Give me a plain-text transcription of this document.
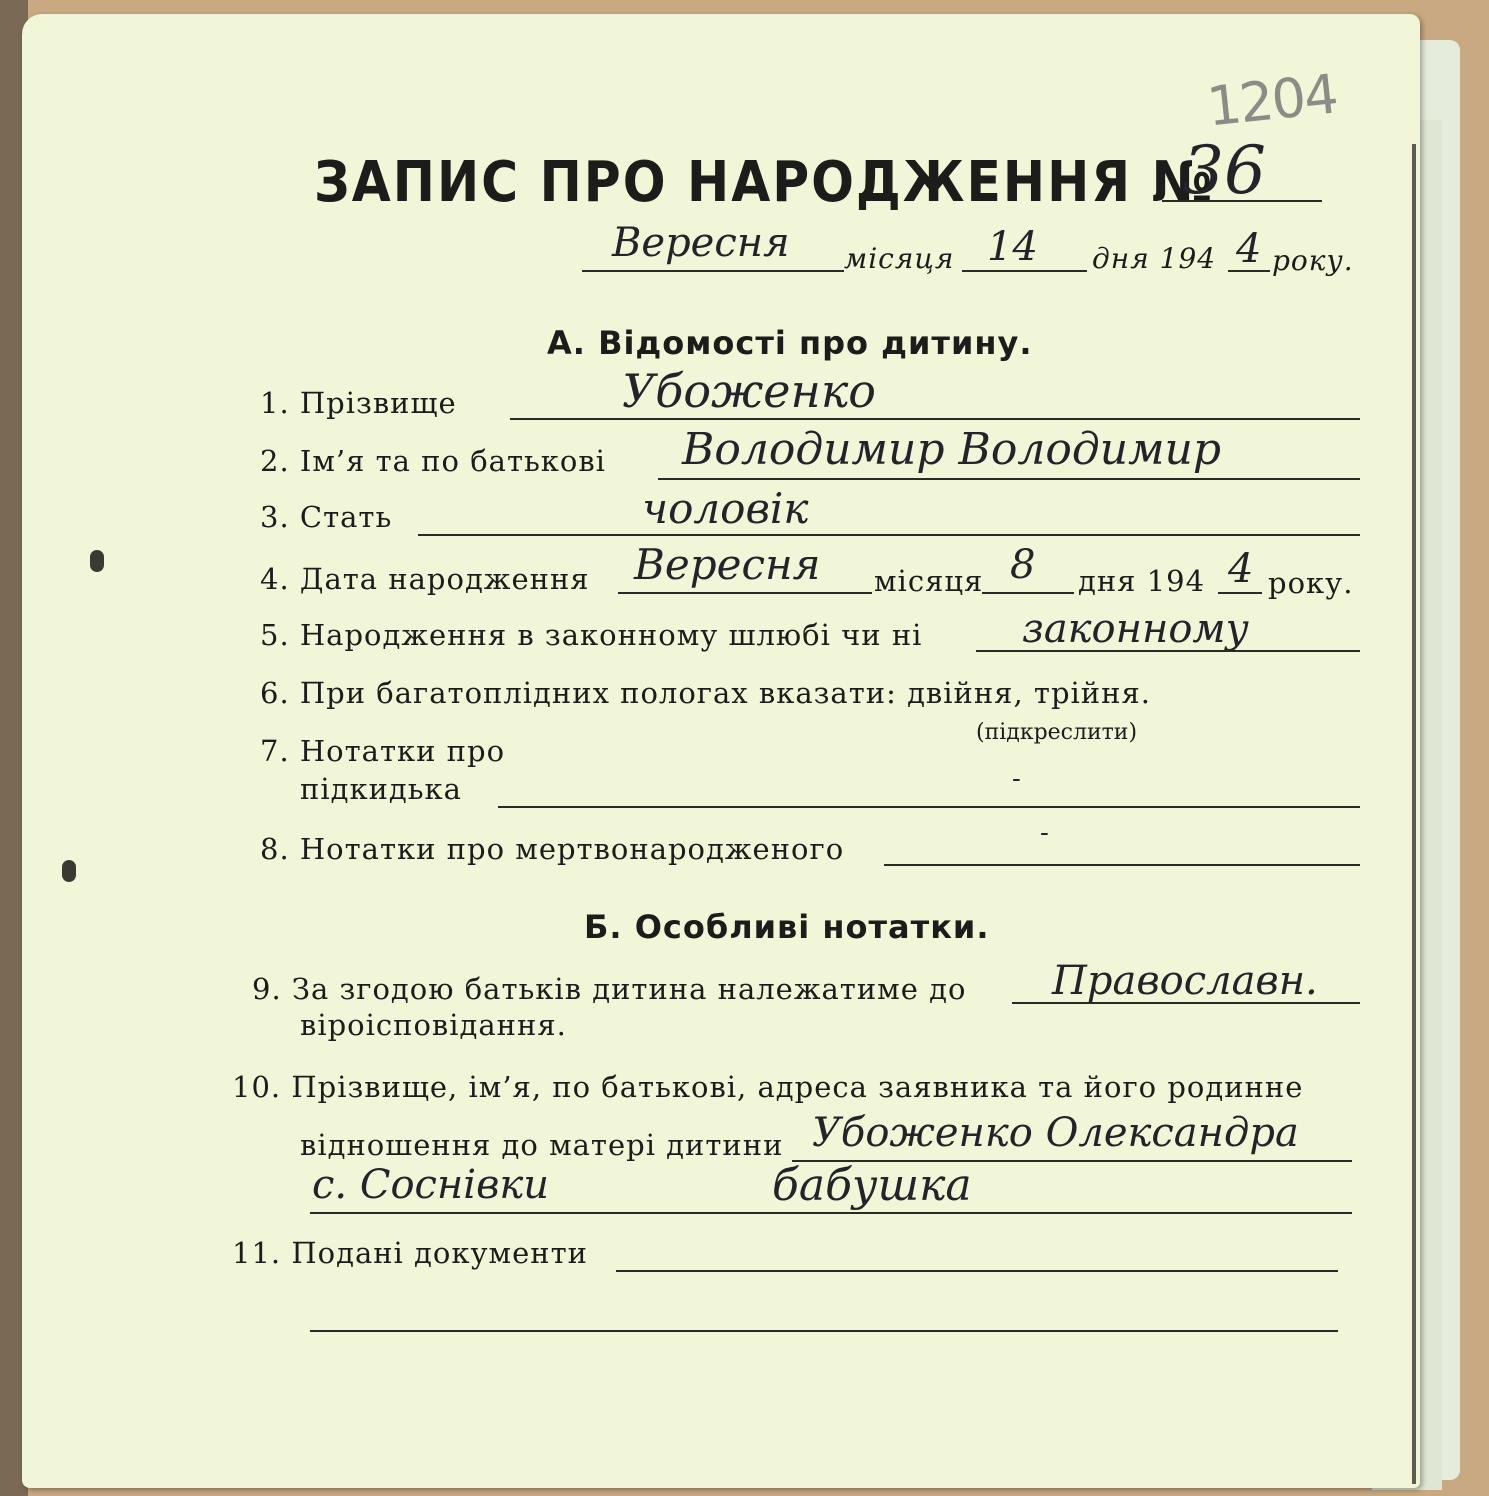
1204
ЗАПИС ПРО НАРОДЖЕННЯ №
36
Вересня місяця 14 дня 194 4 року.
А. Відомості про дитину.
1. Прізвище	Убоженко
2. Ім’я та по батькові Володимир Володимир
3. Стать	чоловік
4. Дата народження Вересня місяця 8 дня 194 4 року.
5. Народження в законному шлюбі чи ні законному
6. При багатоплідних пологах вказати: двійня, трійня.
(підкреслити)
7. Нотатки про
підкидька	-
8. Нотатки про мертвонародженого	-
Б. Особливі нотатки.
9. За згодою батьків дитина належатиме до
віроісповідання.
Православн.
10. Прізвище, ім’я, по батькові, адреса заявника та його родинне
відношення до матері дитини Убоженко Олександра
с. Соснівки	бабушка
11. Подані документи
